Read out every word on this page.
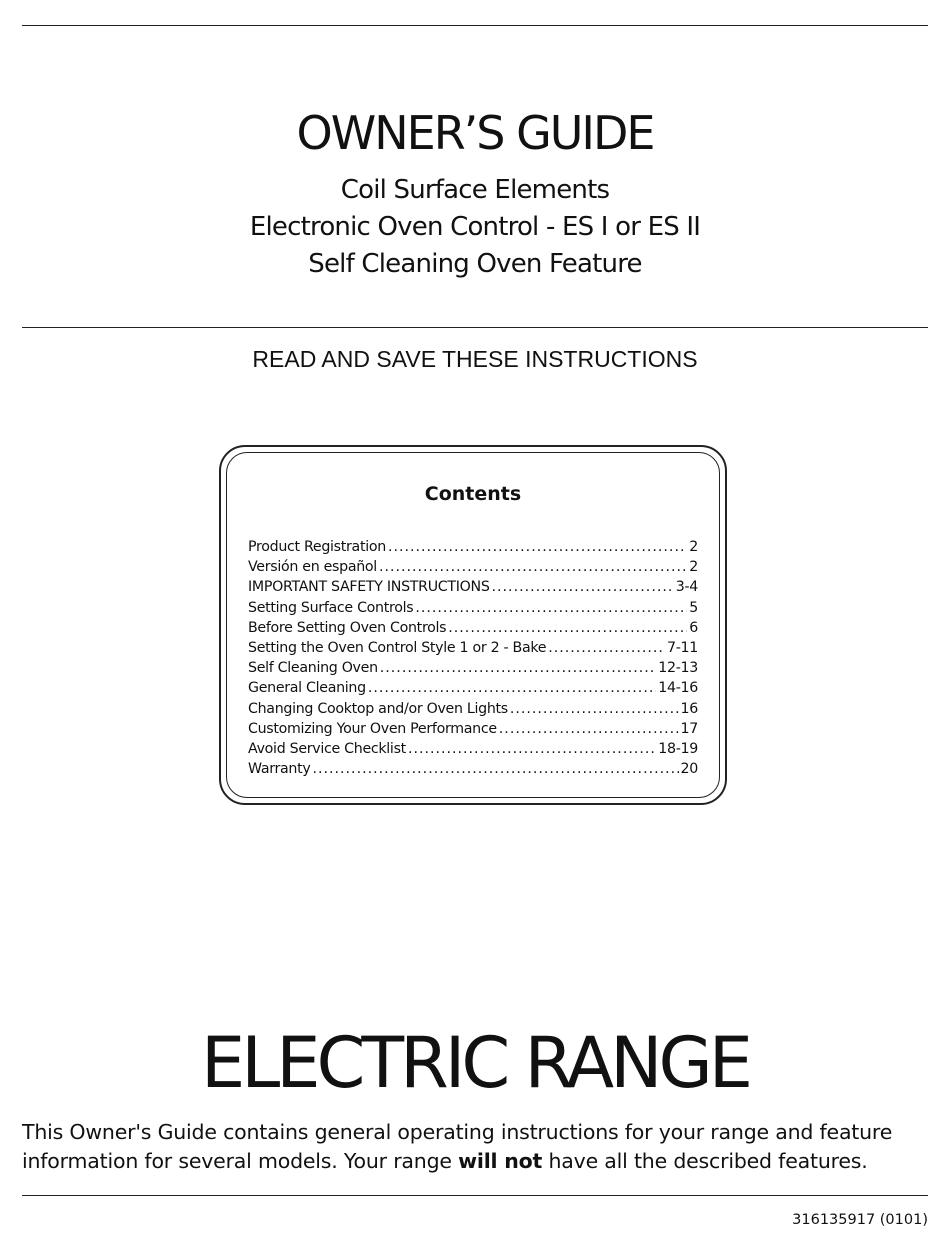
OWNER’S GUIDE
Coil Surface Elements
Electronic Oven Control - ES I or ES II
Self Cleaning Oven Feature
READ AND SAVE THESE INSTRUCTIONS
Contents
Product Registration .....	2
Versión en español .....	2
IMPORTANT SAFETY INSTRUCTIONS .....	3-4
Setting Surface Controls .....	5
Before Setting Oven Controls .....	6
Setting the Oven Control Style 1 or 2 - Bake .....	7-11
Self Cleaning Oven .....	12-13
General Cleaning .....	14-16
Changing Cooktop and/or Oven Lights .....	16
Customizing Your Oven Performance .....	17
Avoid Service Checklist .....	18-19
Warranty .....	20
ELECTRIC RANGE
This Owner's Guide contains general operating instructions for your range and feature information for several models. Your range will not have all the described features.
316135917 (0101)
